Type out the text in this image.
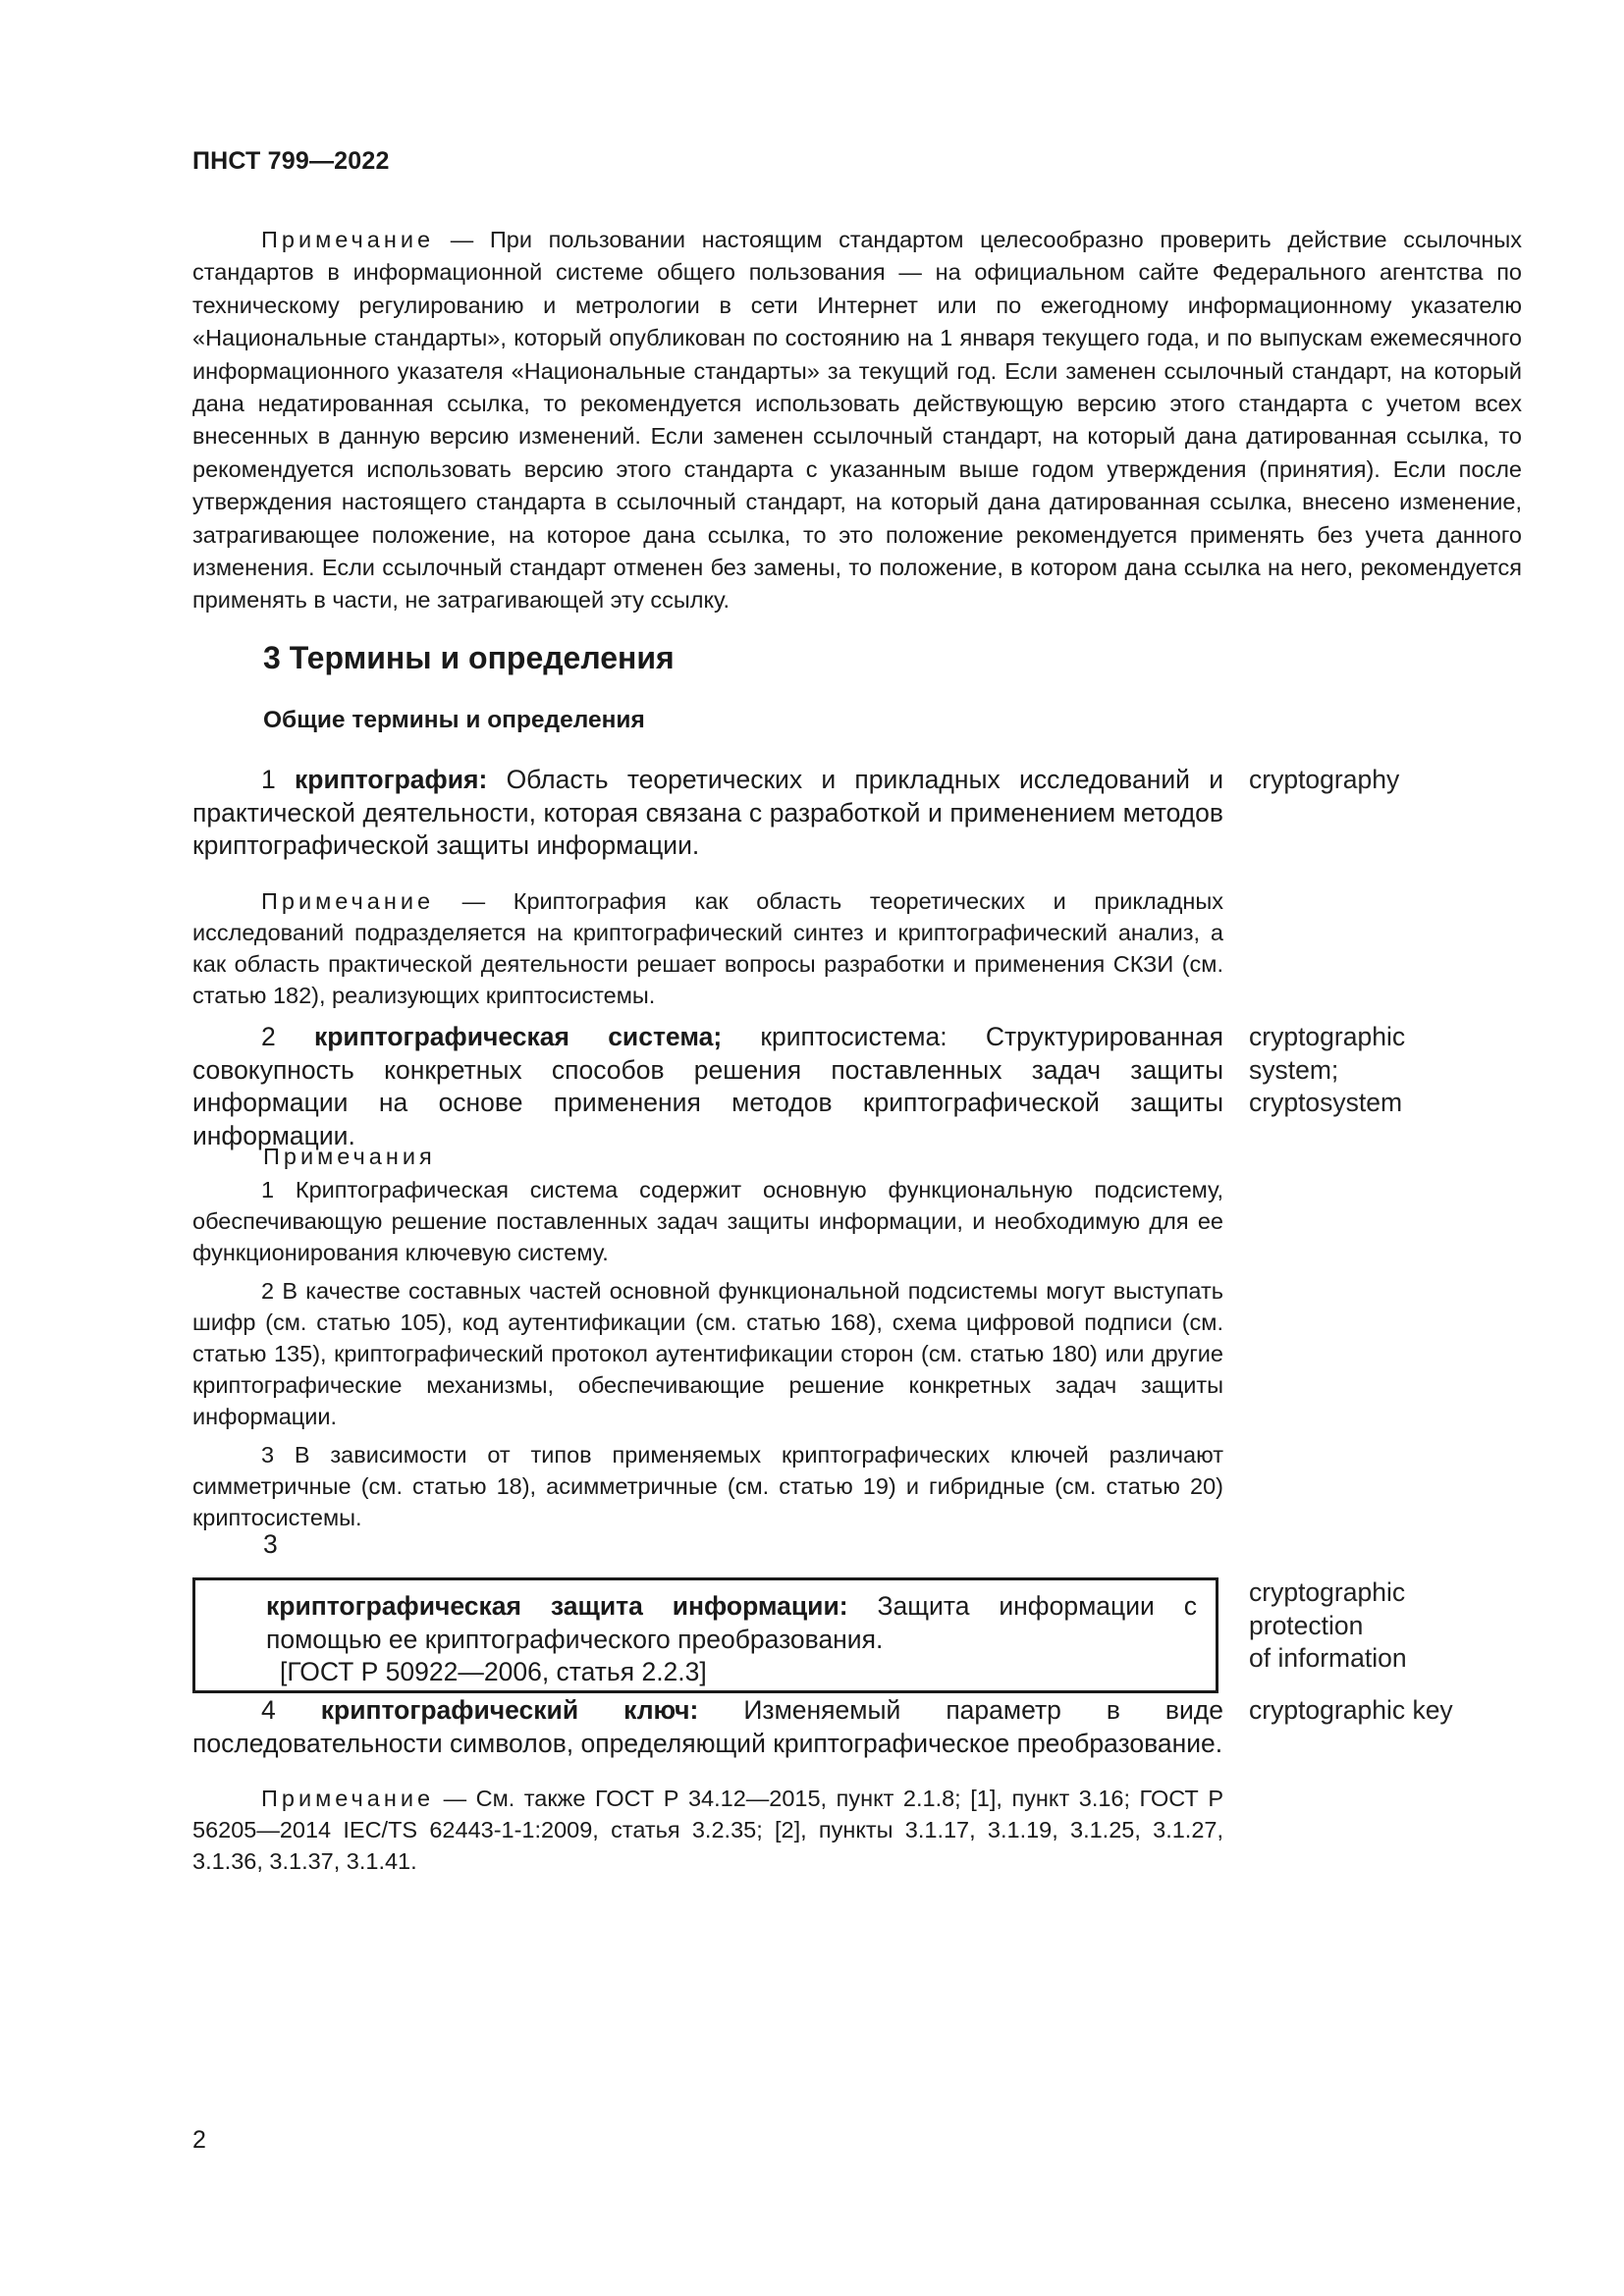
ПНСТ 799—2022

Примечание — При пользовании настоящим стандартом целесообразно проверить действие ссылочных стандартов в информационной системе общего пользования — на официальном сайте Федерального агентства по техническому регулированию и метрологии в сети Интернет или по ежегодному информационному указателю «Национальные стандарты», который опубликован по состоянию на 1 января текущего года, и по выпускам ежемесячного информационного указателя «Национальные стандарты» за текущий год. Если заменен ссылочный стандарт, на который дана недатированная ссылка, то рекомендуется использовать действующую версию этого стандарта с учетом всех внесенных в данную версию изменений. Если заменен ссылочный стандарт, на который дана датированная ссылка, то рекомендуется использовать версию этого стандарта с указанным выше годом утверждения (принятия). Если после утверждения настоящего стандарта в ссылочный стандарт, на который дана датированная ссылка, внесено изменение, затрагивающее положение, на которое дана ссылка, то это положение рекомендуется применять без учета данного изменения. Если ссылочный стандарт отменен без замены, то положение, в котором дана ссылка на него, рекомендуется применять в части, не затрагивающей эту ссылку.

3 Термины и определения
Общие термины и определения

1 криптография: Область теоретических и прикладных исследований и практической деятельности, которая связана с разработкой и применением методов криптографической защиты информации.

cryptography

Примечание — Криптография как область теоретических и прикладных исследований подразделяется на криптографический синтез и криптографический анализ, а как область практической деятельности решает вопросы разработки и применения СКЗИ (см. статью 182), реализующих криптосистемы.

2 криптографическая система; криптосистема: Структурированная совокупность конкретных способов решения поставленных задач защиты информации на основе применения методов криптографической защиты информации.

cryptographic
system;
cryptosystem
Примечания

1 Криптографическая система содержит основную функциональную подсистему, обеспечивающую решение поставленных задач защиты информации, и необходимую для ее функционирования ключевую систему.

2 В качестве составных частей основной функциональной подсистемы могут выступать шифр (см. статью 105), код аутентификации (см. статью 168), схема цифровой подписи (см. статью 135), криптографический протокол аутентификации сторон (см. статью 180) или другие криптографические механизмы, обеспечивающие решение конкретных задач защиты информации.

3 В зависимости от типов применяемых криптографических ключей различают симметричные (см. статью 18), асимметричные (см. статью 19) и гибридные (см. статью 20) криптосистемы.

3

криптографическая защита информации: Защита информации с помощью ее криптографического преобразования.

[ГОСТ Р 50922—2006, статья 2.2.3]

cryptographic
protection
of information

4 криптографический ключ: Изменяемый параметр в виде последовательности символов, определяющий криптографическое преобразование.

cryptographic key

Примечание — См. также ГОСТ Р 34.12—2015, пункт 2.1.8; [1], пункт 3.16; ГОСТ Р 56205—2014 IEC/TS 62443-1-1:2009, статья 3.2.35; [2], пункты 3.1.17, 3.1.19, 3.1.25, 3.1.27, 3.1.36, 3.1.37, 3.1.41.

2
